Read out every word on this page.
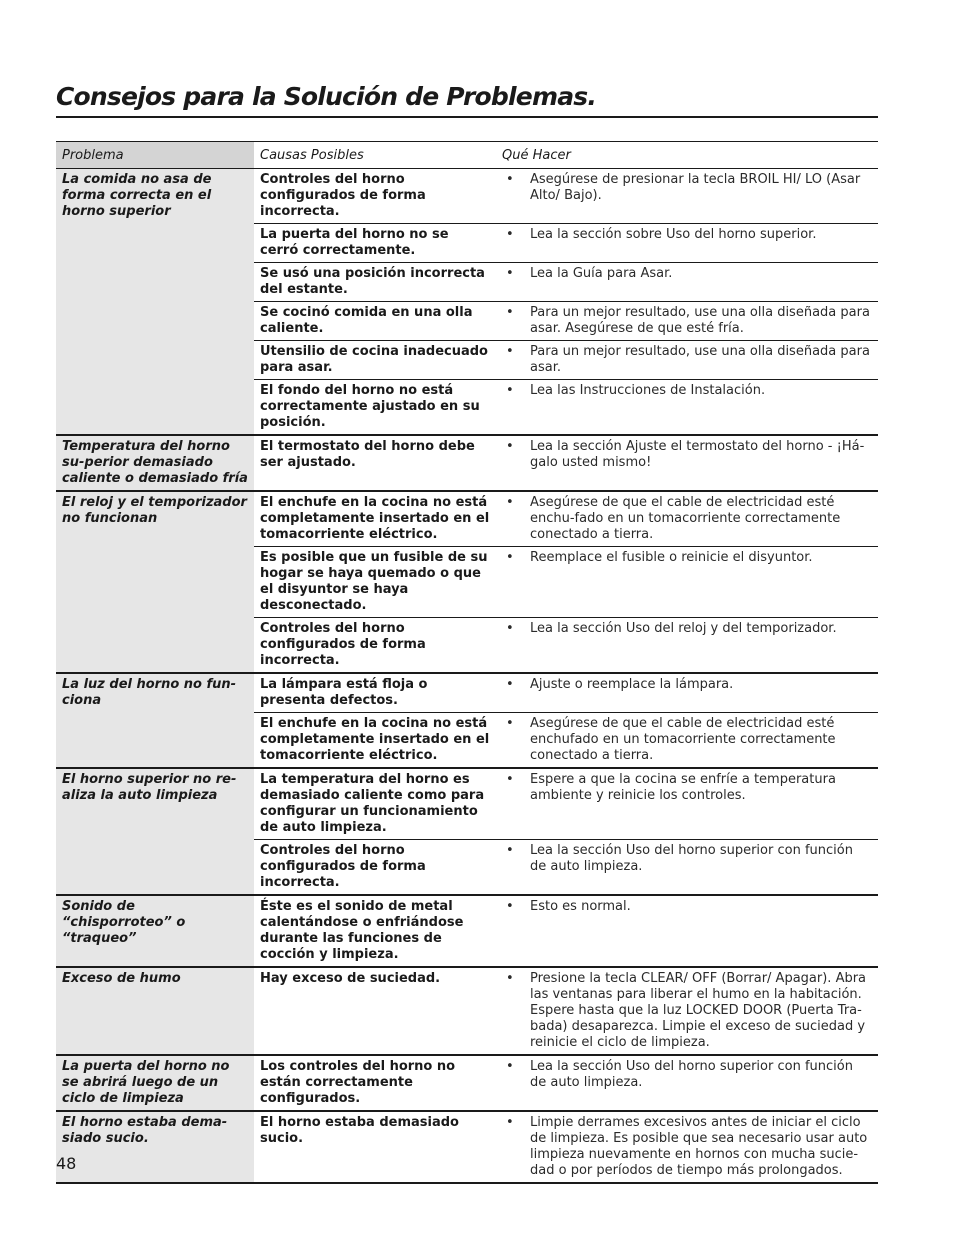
Consejos para la Solución de Problemas.
Problema	Causas Posibles	Qué Hacer
La comida no asa de forma correcta en el horno superior	Controles del horno configurados de forma incorrecta.	• Asegúrese de presionar la tecla BROIL HI/ LO (Asar Alto/ Bajo).

	La puerta del horno no se cerró correctamente.	• Lea la sección sobre Uso del horno superior.

	Se usó una posición incorrecta del estante.	• Lea la Guía para Asar.

	Se cocinó comida en una olla caliente.	• Para un mejor resultado, use una olla diseñada para asar. Asegúrese de que esté fría.

	Utensilio de cocina inadecuado para asar.	• Para un mejor resultado, use una olla diseñada para asar.

	El fondo del horno no está correctamente ajustado en su posición.	• Lea las Instrucciones de Instalación.

Temperatura del horno su-perior demasiado caliente o demasiado fría	El termostato del horno debe ser ajustado.	• Lea la sección Ajuste el termostato del horno - ¡Há-galo usted mismo!

El reloj y el temporizador no funcionan	El enchufe en la cocina no está completamente insertado en el tomacorriente eléctrico.	• Asegúrese de que el cable de electricidad esté enchu-fado en un tomacorriente correctamente conectado a tierra.

	Es posible que un fusible de su hogar se haya quemado o que el disyuntor se haya desconectado.	• Reemplace el fusible o reinicie el disyuntor.

	Controles del horno configurados de forma incorrecta.	• Lea la sección Uso del reloj y del temporizador.

La luz del horno no fun-ciona	La lámpara está floja o presenta defectos.	• Ajuste o reemplace la lámpara.

	El enchufe en la cocina no está completamente insertado en el tomacorriente eléctrico.	• Asegúrese de que el cable de electricidad esté enchufado en un tomacorriente correctamente conectado a tierra.

El horno superior no re-aliza la auto limpieza	La temperatura del horno es demasiado caliente como para configurar un funcionamiento de auto limpieza.	• Espere a que la cocina se enfríe a temperatura ambiente y reinicie los controles.

	Controles del horno configurados de forma incorrecta.	• Lea la sección Uso del horno superior con función de auto limpieza.

Sonido de “chisporroteo” o “traqueo”	Éste es el sonido de metal calentándose o enfriándose durante las funciones de cocción y limpieza.	• Esto es normal.

Exceso de humo	Hay exceso de suciedad.	• Presione la tecla CLEAR/ OFF (Borrar/ Apagar). Abra las ventanas para liberar el humo en la habitación. Espere hasta que la luz LOCKED DOOR (Puerta Tra-bada) desaparezca. Limpie el exceso de suciedad y reinicie el ciclo de limpieza.

La puerta del horno no se abrirá luego de un ciclo de limpieza	Los controles del horno no están correctamente configurados.	• Lea la sección Uso del horno superior con función de auto limpieza.

El horno estaba dema-siado sucio.	El horno estaba demasiado sucio.	• Limpie derrames excesivos antes de iniciar el ciclo de limpieza. Es posible que sea necesario usar auto limpieza nuevamente en hornos con mucha sucie-dad o por períodos de tiempo más prolongados.
48
